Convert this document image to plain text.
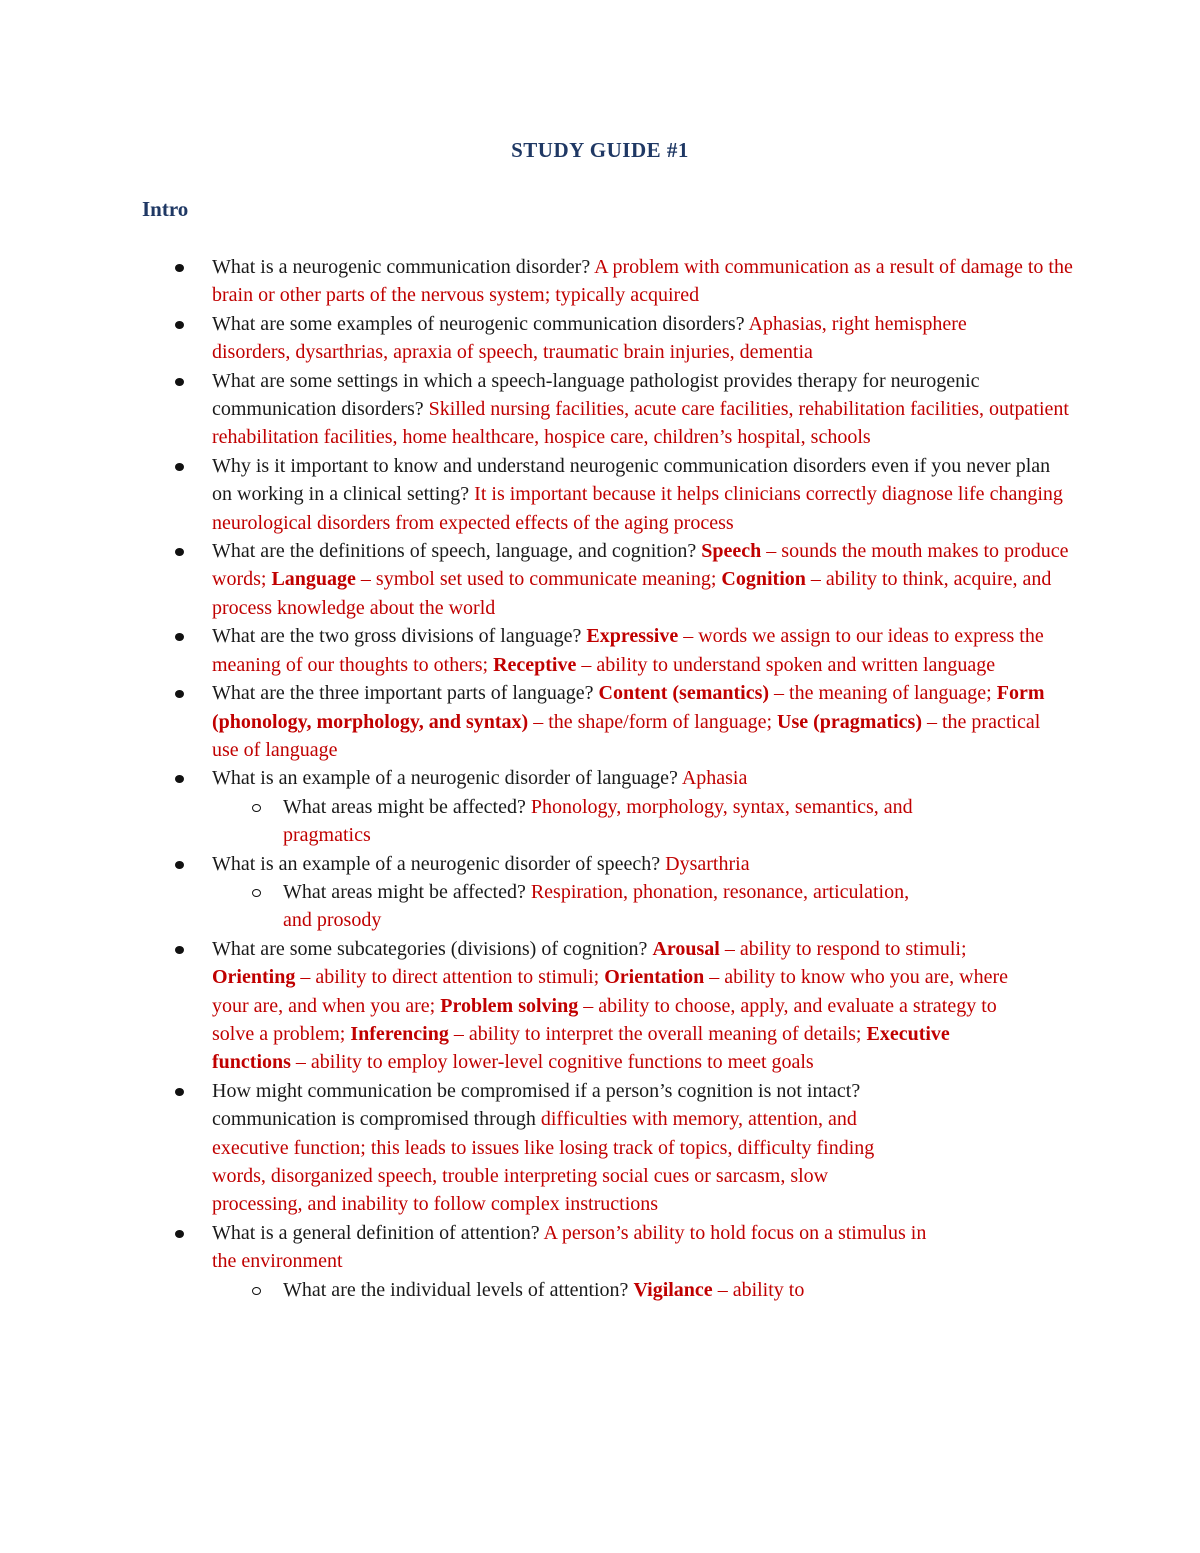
STUDY GUIDE #1
Intro
What is a neurogenic communication disorder? A problem with communication as a result of damage to the brain or other parts of the nervous system; typically acquired
What are some examples of neurogenic communication disorders? Aphasias, right hemisphere disorders, dysarthrias, apraxia of speech, traumatic brain injuries, dementia
What are some settings in which a speech-language pathologist provides therapy for neurogenic communication disorders? Skilled nursing facilities, acute care facilities, rehabilitation facilities, outpatient rehabilitation facilities, home healthcare, hospice care, children’s hospital, schools
Why is it important to know and understand neurogenic communication disorders even if you never plan on working in a clinical setting? It is important because it helps clinicians correctly diagnose life changing neurological disorders from expected effects of the aging process
What are the definitions of speech, language, and cognition? Speech – sounds the mouth makes to produce words; Language – symbol set used to communicate meaning; Cognition – ability to think, acquire, and process knowledge about the world
What are the two gross divisions of language? Expressive – words we assign to our ideas to express the meaning of our thoughts to others; Receptive – ability to understand spoken and written language
What are the three important parts of language? Content (semantics) – the meaning of language; Form (phonology, morphology, and syntax) – the shape/form of language; Use (pragmatics) – the practical use of language
What is an example of a neurogenic disorder of language? Aphasia
What areas might be affected? Phonology, morphology, syntax, semantics, and pragmatics
What is an example of a neurogenic disorder of speech? Dysarthria
What areas might be affected? Respiration, phonation, resonance, articulation, and prosody
What are some subcategories (divisions) of cognition? Arousal – ability to respond to stimuli; Orienting – ability to direct attention to stimuli; Orientation – ability to know who you are, where your are, and when you are; Problem solving – ability to choose, apply, and evaluate a strategy to solve a problem; Inferencing – ability to interpret the overall meaning of details; Executive functions – ability to employ lower-level cognitive functions to meet goals
How might communication be compromised if a person’s cognition is not intact? communication is compromised through difficulties with memory, attention, and executive function; this leads to issues like losing track of topics, difficulty finding words, disorganized speech, trouble interpreting social cues or sarcasm, slow processing, and inability to follow complex instructions
What is a general definition of attention? A person’s ability to hold focus on a stimulus in the environment
What are the individual levels of attention? Vigilance – ability to
